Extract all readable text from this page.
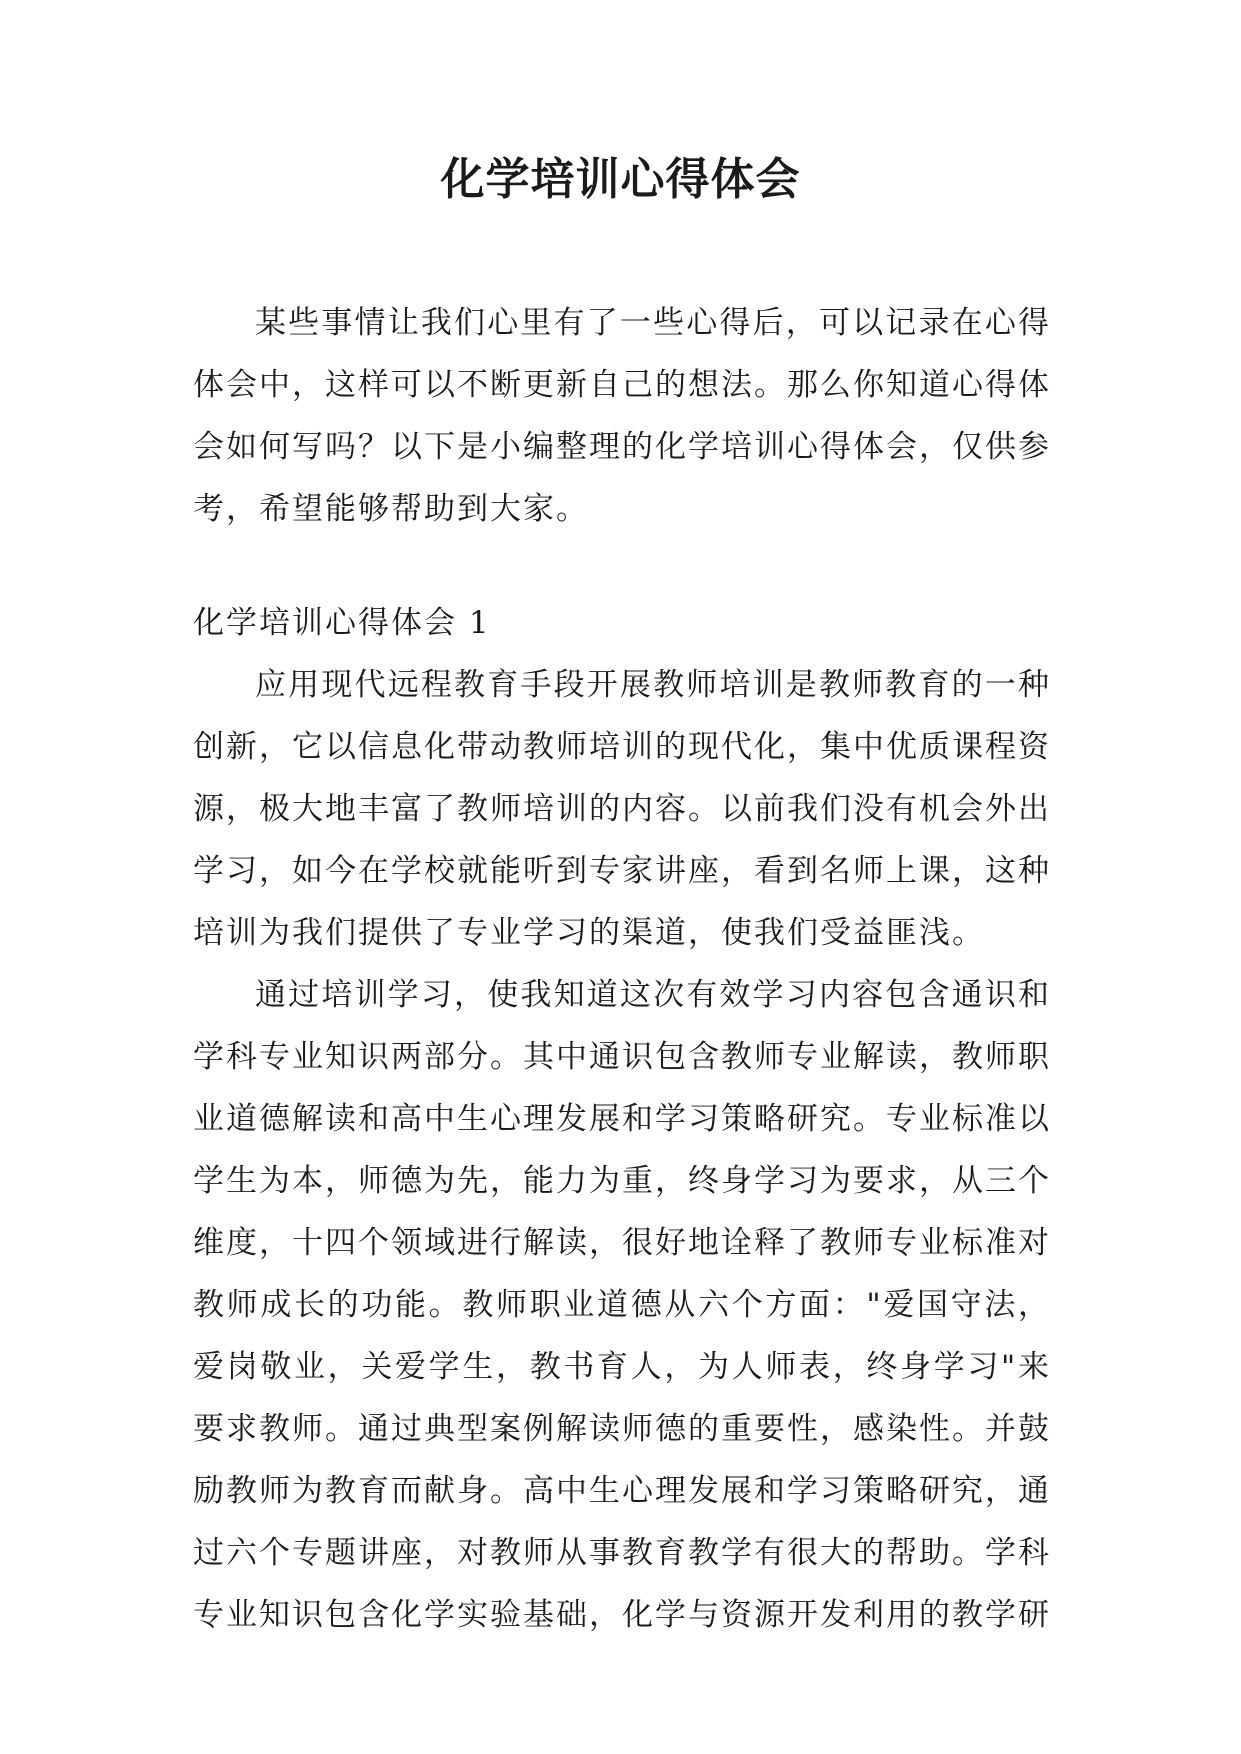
化学培训心得体会

某些事情让我们心里有了一些心得后，可以记录在心得体会中，这样可以不断更新自己的想法。那么你知道心得体会如何写吗？以下是小编整理的化学培训心得体会，仅供参考，希望能够帮助到大家。

化学培训心得体会 1

应用现代远程教育手段开展教师培训是教师教育的一种创新，它以信息化带动教师培训的现代化，集中优质课程资源，极大地丰富了教师培训的内容。以前我们没有机会外出学习，如今在学校就能听到专家讲座，看到名师上课，这种培训为我们提供了专业学习的渠道，使我们受益匪浅。

通过培训学习，使我知道这次有效学习内容包含通识和学科专业知识两部分。其中通识包含教师专业解读，教师职业道德解读和高中生心理发展和学习策略研究。专业标准以学生为本，师德为先，能力为重，终身学习为要求，从三个维度，十四个领域进行解读，很好地诠释了教师专业标准对教师成长的功能。教师职业道德从六个方面："爱国守法，爱岗敬业，关爱学生，教书育人，为人师表，终身学习"来要求教师。通过典型案例解读师德的重要性，感染性。并鼓励教师为教育而献身。高中生心理发展和学习策略研究，通过六个专题讲座，对教师从事教育教学有很大的帮助。学科专业知识包含化学实验基础，化学与资源开发利用的教学研
